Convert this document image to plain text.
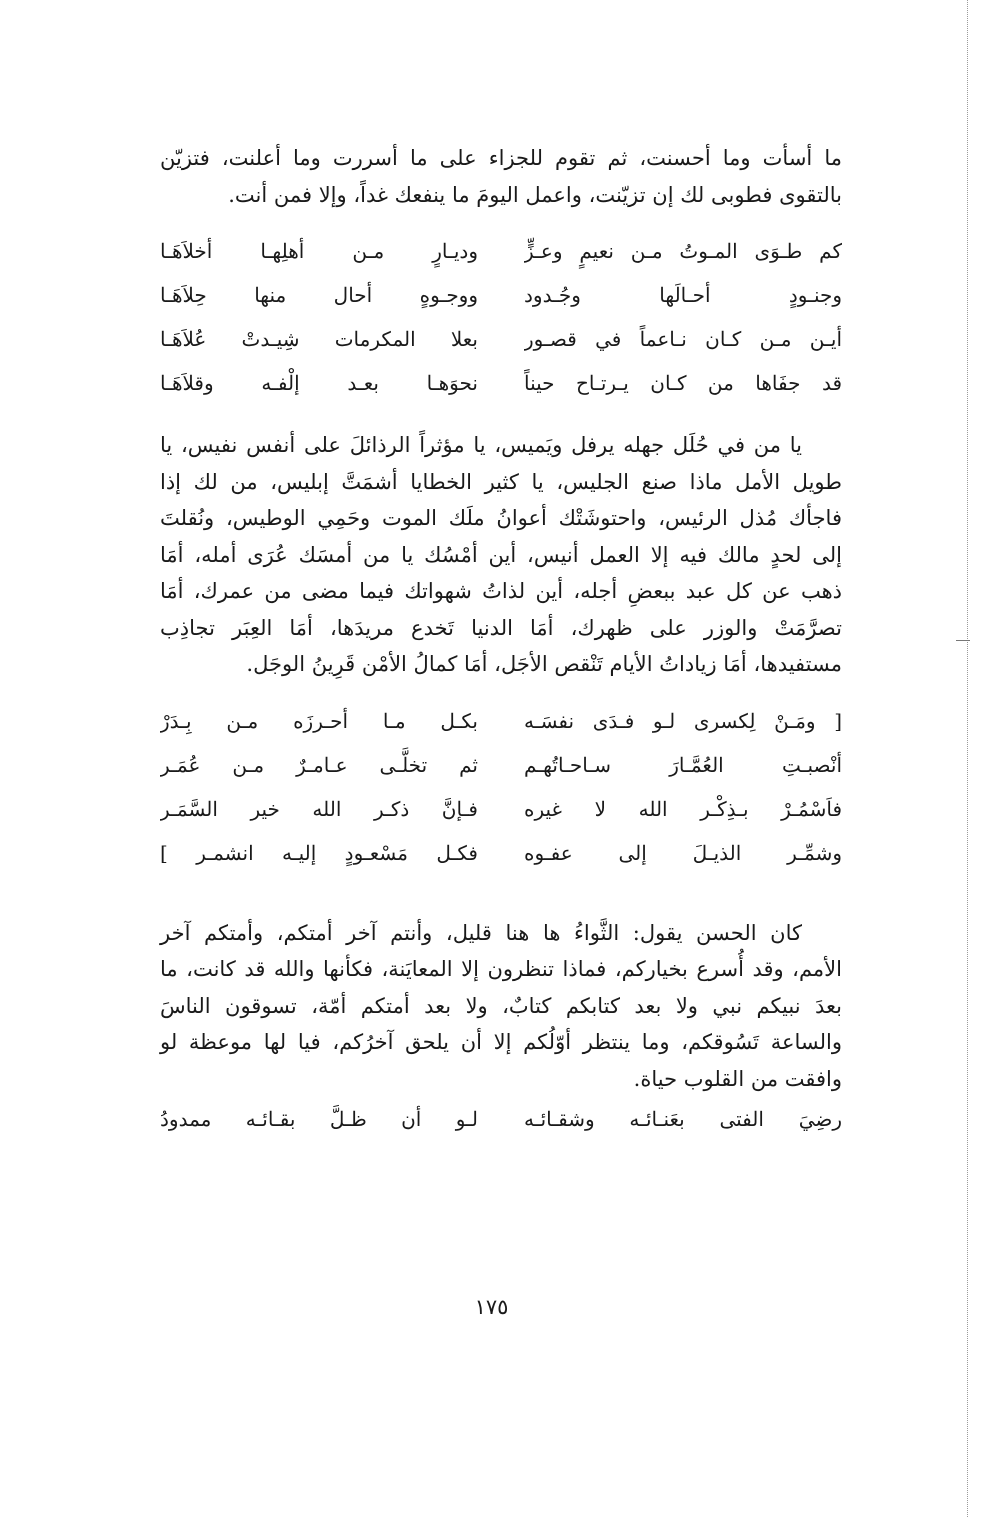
ما أسأت وما أحسنت، ثم تقوم للجزاء على ما أسررت وما أعلنت، فتزيّن
بالتقوى فطوبى لك إن تزيّنت، واعمل اليومَ ما ينفعك غداً، وإلا فمن أنت.

كم طـوَى المـوتُ مـن نعيمٍ وعـزٍّ
وديـارٍ مـن أهلِهـا أخلاَهَـا
وجنـودٍ أحـالَها وجُـدود
ووجـوهٍ أحال منها حِلاَهَـا
أيـن مـن كـان نـاعماً في قصـور
بعلا المكرمات شِيـدتْ عُلاَهَـا
قد جفَاها من كـان يـرتـاح حيناً
نحوَهـا بعـد إلْفـه وقلاَهَـا

يا من في حُلَل جهله يرفل ويَميس، يا مؤثراً الرذائلَ على أنفس نفيس، يا
طويل الأمل ماذا صنع الجليس، يا كثير الخطايا أشمَتَّ إبليس، من لك إذا
فاجأك مُذل الرئيس، واحتوشَتْك أعوانُ ملَك الموت وحَمِي الوطيس، ونُقلتَ
إلى لحدٍ مالك فيه إلا العمل أنيس، أين أمْسُك يا من أمسَك عُرَى أمله، أمَا
ذهب عن كل عبد ببعضِ أجله، أين لذاتُ شهواتك فيما مضى من عمرك، أمَا
تصرَّمَتْ والوزر على ظهرك، أمَا الدنيا تَخدع مريدَها، أمَا العِبَر تجاذِب
مستفيدها، أمَا زياداتُ الأيام تَنْقص الأجَل، أمَا كمالُ الأمْن قَرِينُ الوجَل.

[ ومَـنْ لِكسرى لـو فـدَى نفسَـه
بكـل مـا أحـرزَه مـن بِـدَرْ
أنْصبـتِ العُمَّـارَ سـاحـاتُهـم
ثم تخلَّـى عـامـرٌ مـن عُمَـر
فاَسْمُـرْ بـذِكْـر الله لا غيره
فـإنَّ ذكـر الله خير السَّمَـر
وشمِّـر الذيـلَ إلى عفـوه
فكـل مَسْعـودٍ إليـه انشمـر ]

كان الحسن يقول: الثَّواءُ ها هنا قليل، وأنتم آخر أمتكم، وأمتكم آخر
الأمم، وقد أُسرع بخياركم، فماذا تنظرون إلا المعايَنة، فكأنها والله قد كانت، ما
بعدَ نبيكم نبي ولا بعد كتابكم كتابٌ، ولا بعد أمتكم أمّة، تسوقون الناسَ
والساعة تَسُوقكم، وما ينتظر أوّلُكم إلا أن يلحق آخرُكم، فيا لها موعظة لو
وافقت من القلوب حياة.

رضِيَ الفتى بعَنـائـه وشقـائـه
لـو أن ظـلَّ بقـائـه ممدودُ
١٧٥
